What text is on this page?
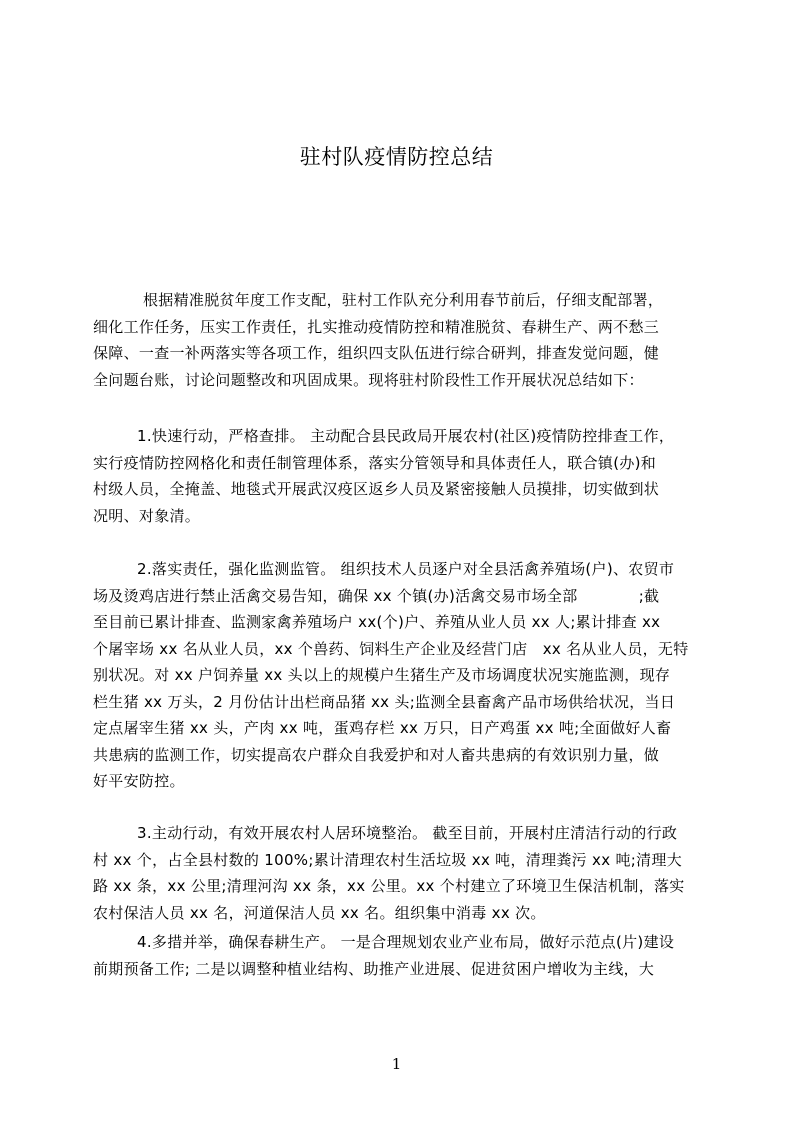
驻村队疫情防控总结
根据精准脱贫年度工作支配，驻村工作队充分利用春节前后，仔细支配部署，
细化工作任务，压实工作责任，扎实推动疫情防控和精准脱贫、春耕生产、两不愁三
保障、一查一补两落实等各项工作，组织四支队伍进行综合研判，排查发觉问题，健
全问题台账，讨论问题整改和巩固成果。现将驻村阶段性工作开展状况总结如下：
1.快速行动，严格查排。 主动配合县民政局开展农村(社区)疫情防控排查工作，
实行疫情防控网格化和责任制管理体系，落实分管领导和具体责任人，联合镇(办)和
村级人员，全掩盖、地毯式开展武汉疫区返乡人员及紧密接触人员摸排，切实做到状
况明、对象清。
2.落实责任，强化监测监管。 组织技术人员逐户对全县活禽养殖场(户)、农贸市
场及烫鸡店进行禁止活禽交易告知，确保 xx 个镇(办)活禽交易市场全部　　　　;截
至目前已累计排查、监测家禽养殖场户 xx(个)户、养殖从业人员 xx 人;累计排查 xx
个屠宰场 xx 名从业人员，xx 个兽药、饲料生产企业及经营门店　xx 名从业人员，无特
别状况。对 xx 户饲养量 xx 头以上的规模户生猪生产及市场调度状况实施监测，现存
栏生猪 xx 万头，2 月份估计出栏商品猪 xx 头;监测全县畜禽产品市场供给状况，当日
定点屠宰生猪 xx 头，产肉 xx 吨，蛋鸡存栏 xx 万只，日产鸡蛋 xx 吨;全面做好人畜
共患病的监测工作，切实提高农户群众自我爱护和对人畜共患病的有效识别力量，做
好平安防控。
3.主动行动，有效开展农村人居环境整治。 截至目前，开展村庄清洁行动的行政
村 xx 个，占全县村数的 100%;累计清理农村生活垃圾 xx 吨，清理粪污 xx 吨;清理大
路 xx 条，xx 公里;清理河沟 xx 条，xx 公里。xx 个村建立了环境卫生保洁机制，落实
农村保洁人员 xx 名，河道保洁人员 xx 名。组织集中消毒 xx 次。
4.多措并举，确保春耕生产。 一是合理规划农业产业布局，做好示范点(片)建设
前期预备工作; 二是以调整种植业结构、助推产业进展、促进贫困户增收为主线，大
1
